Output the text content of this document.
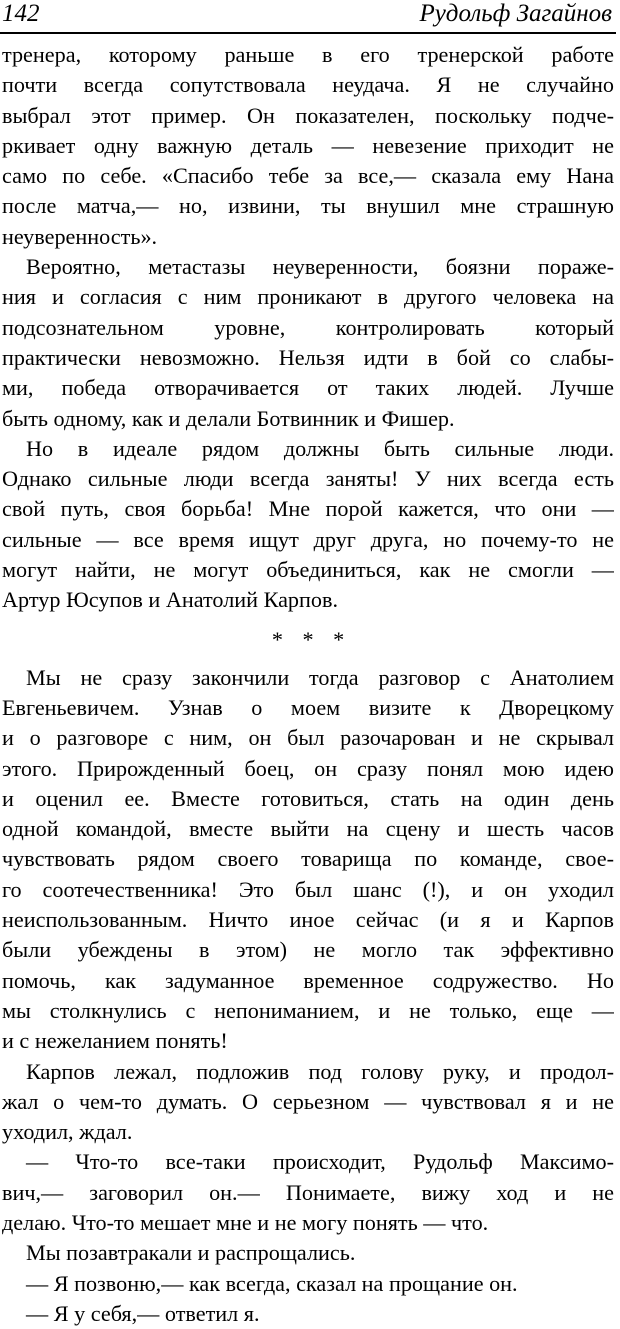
142	Рудольф Загайнов
тренера, которому раньше в его тренерской работе
почти всегда сопутствовала неудача. Я не случайно
выбрал этот пример. Он показателен, поскольку подче-
ркивает одну важную деталь — невезение приходит не
само по себе. «Спасибо тебе за все,— сказала ему Нана
после матча,— но, извини, ты внушил мне страшную
неуверенность».
Вероятно, метастазы неуверенности, боязни пораже-
ния и согласия с ним проникают в другого человека на
подсознательном уровне, контролировать который
практически невозможно. Нельзя идти в бой со слабы-
ми, победа отворачивается от таких людей. Лучше
быть одному, как и делали Ботвинник и Фишер.
Но в идеале рядом должны быть сильные люди.
Однако сильные люди всегда заняты! У них всегда есть
свой путь, своя борьба! Мне порой кажется, что они —
сильные — все время ищут друг друга, но почему-то не
могут найти, не могут объединиться, как не смогли —
Артур Юсупов и Анатолий Карпов.
* * *
Мы не сразу закончили тогда разговор с Анатолием
Евгеньевичем. Узнав о моем визите к Дворецкому
и о разговоре с ним, он был разочарован и не скрывал
этого. Прирожденный боец, он сразу понял мою идею
и оценил ее. Вместе готовиться, стать на один день
одной командой, вместе выйти на сцену и шесть часов
чувствовать рядом своего товарища по команде, свое-
го соотечественника! Это был шанс (!), и он уходил
неиспользованным. Ничто иное сейчас (и я и Карпов
были убеждены в этом) не могло так эффективно
помочь, как задуманное временное содружество. Но
мы столкнулись с непониманием, и не только, еще —
и с нежеланием понять!
Карпов лежал, подложив под голову руку, и продол-
жал о чем-то думать. О серьезном — чувствовал я и не
уходил, ждал.
— Что-то все-таки происходит, Рудольф Максимо-
вич,— заговорил он.— Понимаете, вижу ход и не
делаю. Что-то мешает мне и не могу понять — что.
Мы позавтракали и распрощались.
— Я позвоню,— как всегда, сказал на прощание он.
— Я у себя,— ответил я.
